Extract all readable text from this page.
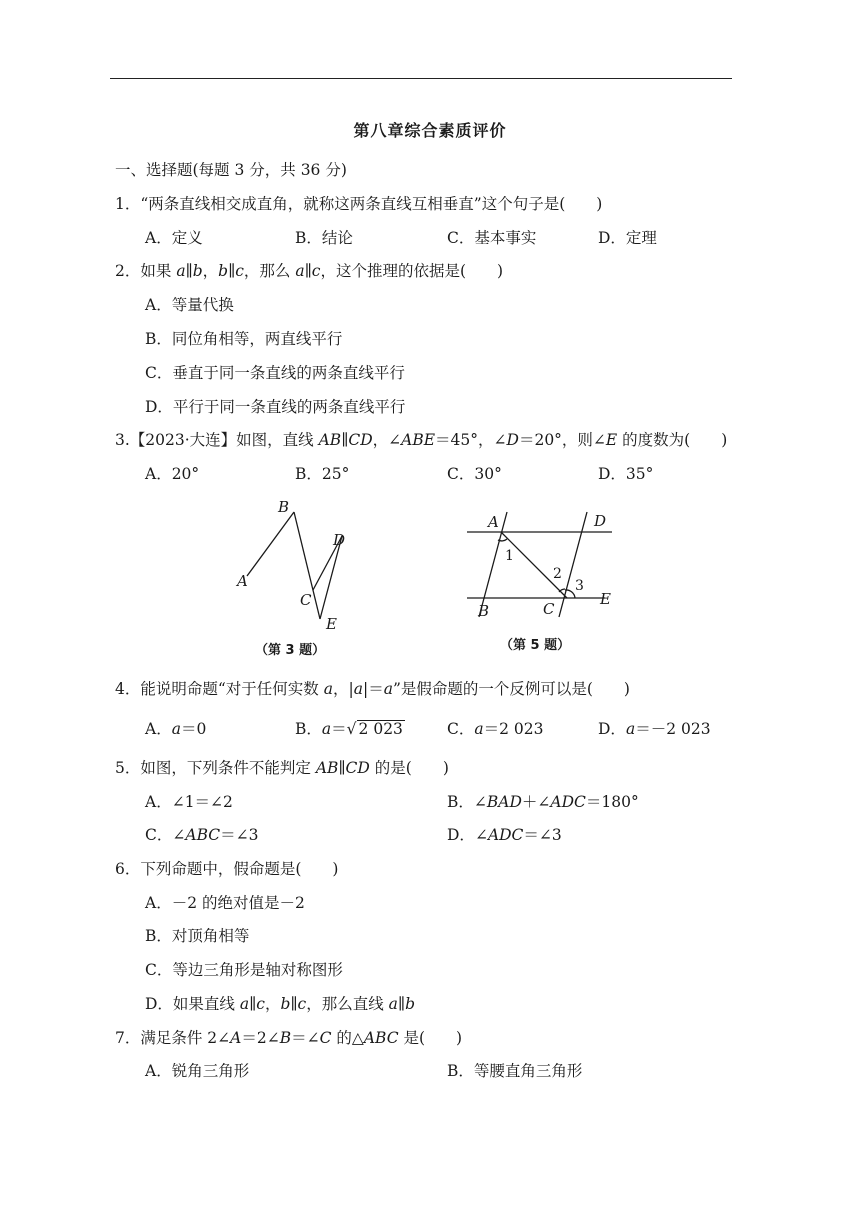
第八章综合素质评价
一、选择题(每题 3 分，共 36 分)
1．“两条直线相交成直角，就称这两条直线互相垂直”这个句子是(　　)
A．定义	B．结论	C．基本事实	D．定理
2．如果 a∥b，b∥c，那么 a∥c，这个推理的依据是(　　)
A．等量代换
B．同位角相等，两直线平行
C．垂直于同一条直线的两条直线平行
D．平行于同一条直线的两条直线平行
3.【2023·大连】如图，直线 AB∥CD，∠ABE＝45°，∠D＝20°，则∠E 的度数为(　　)
A．20°	B．25°	C．30°	D．35°
A
B
C
D
E
（第 3 题）
A	D
B	C
E
1
2
3
（第 5 题）
4．能说明命题“对于任何实数 a，|a|＝a”是假命题的一个反例可以是(　　)
A．a＝0	B．a＝√ 2 023	C．a＝2 023	D．a＝－2 023
5．如图，下列条件不能判定 AB∥CD 的是(　　)
A．∠1＝∠2	B．∠BAD＋∠ADC＝180°
C．∠ABC＝∠3	D．∠ADC＝∠3
6．下列命题中，假命题是(　　)
A．－2 的绝对值是－2
B．对顶角相等
C．等边三角形是轴对称图形
D．如果直线 a∥c，b∥c，那么直线 a∥b
7．满足条件 2∠A＝2∠B＝∠C 的△ABC 是(　　)
A．锐角三角形	B．等腰直角三角形
